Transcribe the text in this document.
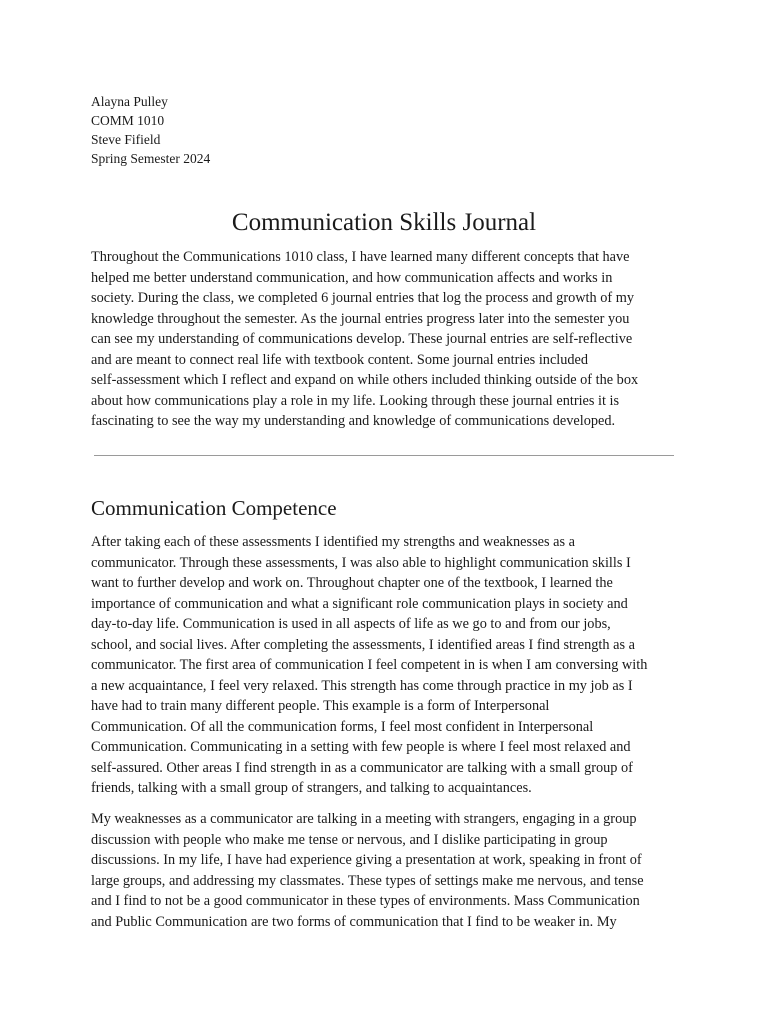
Alayna Pulley
COMM 1010
Steve Fifield
Spring Semester 2024
Communication Skills Journal

Throughout the Communications 1010 class, I have learned many different concepts that have
helped me better understand communication, and how communication affects and works in
society. During the class, we completed 6 journal entries that log the process and growth of my
knowledge throughout the semester. As the journal entries progress later into the semester you
can see my understanding of communications develop. These journal entries are self-reflective
and are meant to connect real life with textbook content. Some journal entries included
self-assessment which I reflect and expand on while others included thinking outside of the box
about how communications play a role in my life. Looking through these journal entries it is
fascinating to see the way my understanding and knowledge of communications developed.

Communication Competence

After taking each of these assessments I identified my strengths and weaknesses as a
communicator. Through these assessments, I was also able to highlight communication skills I
want to further develop and work on. Throughout chapter one of the textbook, I learned the
importance of communication and what a significant role communication plays in society and
day-to-day life. Communication is used in all aspects of life as we go to and from our jobs,
school, and social lives. After completing the assessments, I identified areas I find strength as a
communicator. The first area of communication I feel competent in is when I am conversing with
a new acquaintance, I feel very relaxed. This strength has come through practice in my job as I
have had to train many different people. This example is a form of Interpersonal
Communication. Of all the communication forms, I feel most confident in Interpersonal
Communication. Communicating in a setting with few people is where I feel most relaxed and
self-assured. Other areas I find strength in as a communicator are talking with a small group of
friends, talking with a small group of strangers, and talking to acquaintances.

My weaknesses as a communicator are talking in a meeting with strangers, engaging in a group
discussion with people who make me tense or nervous, and I dislike participating in group
discussions. In my life, I have had experience giving a presentation at work, speaking in front of
large groups, and addressing my classmates. These types of settings make me nervous, and tense
and I find to not be a good communicator in these types of environments. Mass Communication
and Public Communication are two forms of communication that I find to be weaker in. My
